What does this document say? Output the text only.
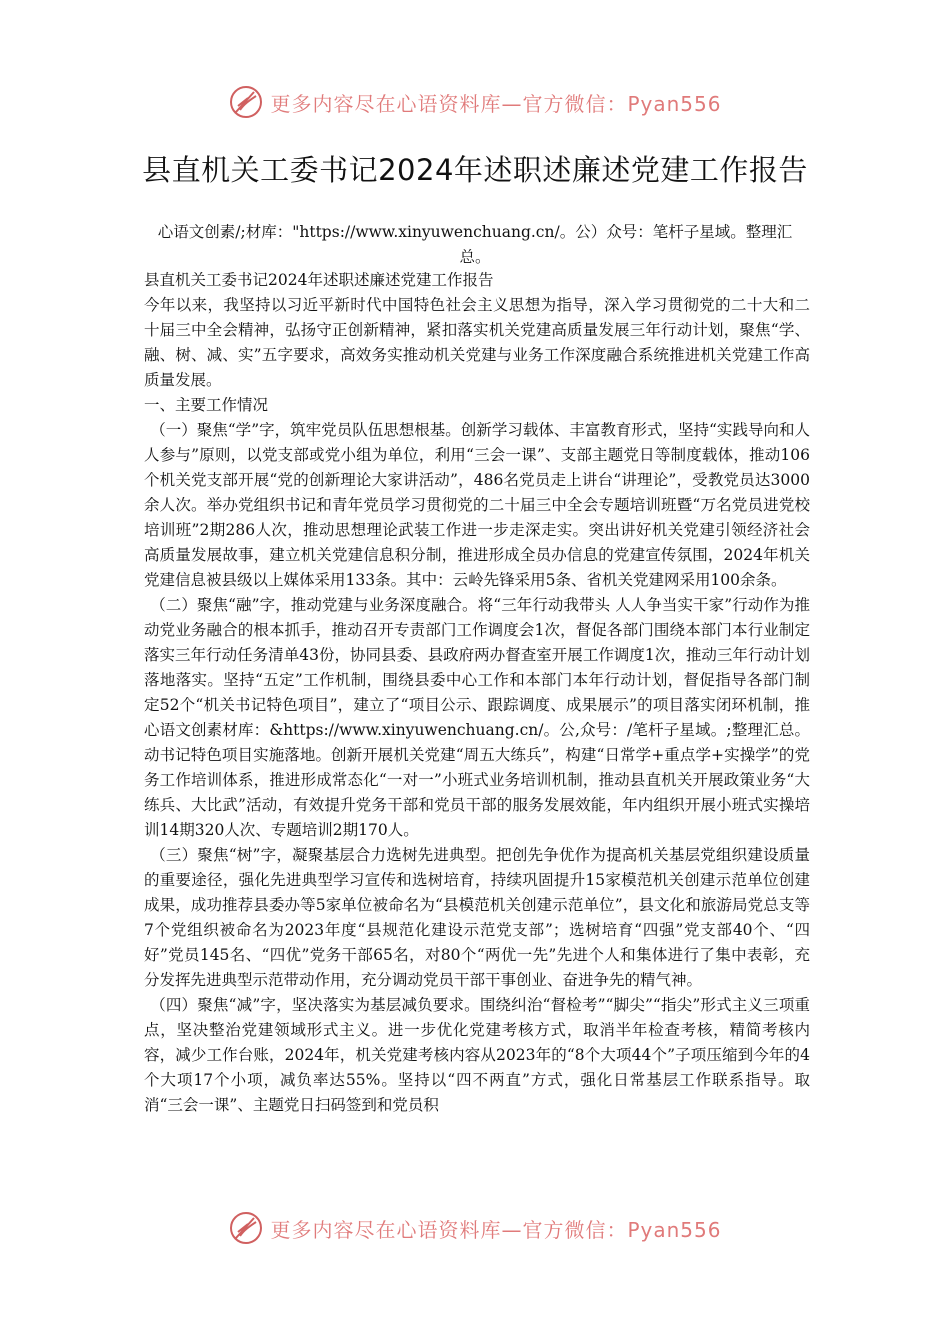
更多内容尽在心语资料库—官方微信：Pyan556
县直机关工委书记2024年述职述廉述党建工作报告
心语文创素/;材库："https://www.xinyuwenchuang.cn/。公）众号：笔杆子星域。整理汇总。

县直机关工委书记2024年述职述廉述党建工作报告

今年以来，我坚持以习近平新时代中国特色社会主义思想为指导，深入学习贯彻党的二十大和二十届三中全会精神，弘扬守正创新精神，紧扣落实机关党建高质量发展三年行动计划，聚焦“学、融、树、减、实”五字要求，高效务实推动机关党建与业务工作深度融合系统推进机关党建工作高质量发展。

一、主要工作情况

（一）聚焦“学”字，筑牢党员队伍思想根基。创新学习载体、丰富教育形式，坚持“实践导向和人人参与”原则，以党支部或党小组为单位，利用“三会一课”、支部主题党日等制度载体，推动106个机关党支部开展“党的创新理论大家讲活动”，486名党员走上讲台“讲理论”，受教党员达3000余人次。举办党组织书记和青年党员学习贯彻党的二十届三中全会专题培训班暨“万名党员进党校培训班”2期286人次，推动思想理论武装工作进一步走深走实。突出讲好机关党建引领经济社会高质量发展故事，建立机关党建信息积分制，推进形成全员办信息的党建宣传氛围，2024年机关党建信息被县级以上媒体采用133条。其中：云岭先锋采用5条、省机关党建网采用100余条。

（二）聚焦“融”字，推动党建与业务深度融合。将“三年行动我带头 人人争当实干家”行动作为推动党业务融合的根本抓手，推动召开专责部门工作调度会1次，督促各部门围绕本部门本行业制定落实三年行动任务清单43份，协同县委、县政府两办督查室开展工作调度1次，推动三年行动计划落地落实。坚持“五定”工作机制，围绕县委中心工作和本部门本年行动计划，督促指导各部门制定52个“机关书记特色项目”，建立了“项目公示、跟踪调度、成果展示”的项目落实闭环机制，推心语文创素材库：&https://www.xinyuwenchuang.cn/。公,众号：/笔杆子星域。;整理汇总。动书记特色项目实施落地。创新开展机关党建“周五大练兵”，构建“日常学+重点学+实操学”的党务工作培训体系，推进形成常态化“一对一”小班式业务培训机制，推动县直机关开展政策业务“大练兵、大比武”活动，有效提升党务干部和党员干部的服务发展效能，年内组织开展小班式实操培训14期320人次、专题培训2期170人。

（三）聚焦“树”字，凝聚基层合力选树先进典型。把创先争优作为提高机关基层党组织建设质量的重要途径，强化先进典型学习宣传和选树培育，持续巩固提升15家模范机关创建示范单位创建成果，成功推荐县委办等5家单位被命名为“县模范机关创建示范单位”，县文化和旅游局党总支等7个党组织被命名为2023年度“县规范化建设示范党支部”；选树培育“四强”党支部40个、“四好”党员145名、“四优”党务干部65名，对80个“两优一先”先进个人和集体进行了集中表彰，充分发挥先进典型示范带动作用，充分调动党员干部干事创业、奋进争先的精气神。

（四）聚焦“减”字，坚决落实为基层减负要求。围绕纠治“督检考”“脚尖”“指尖”形式主义三项重点，坚决整治党建领域形式主义。进一步优化党建考核方式，取消半年检查考核，精简考核内容，减少工作台账，2024年，机关党建考核内容从2023年的“8个大项44个”子项压缩到今年的4个大项17个小项，减负率达55%。坚持以“四不两直”方式，强化日常基层工作联系指导。取消“三会一课”、主题党日扫码签到和党员积

更多内容尽在心语资料库—官方微信：Pyan556
